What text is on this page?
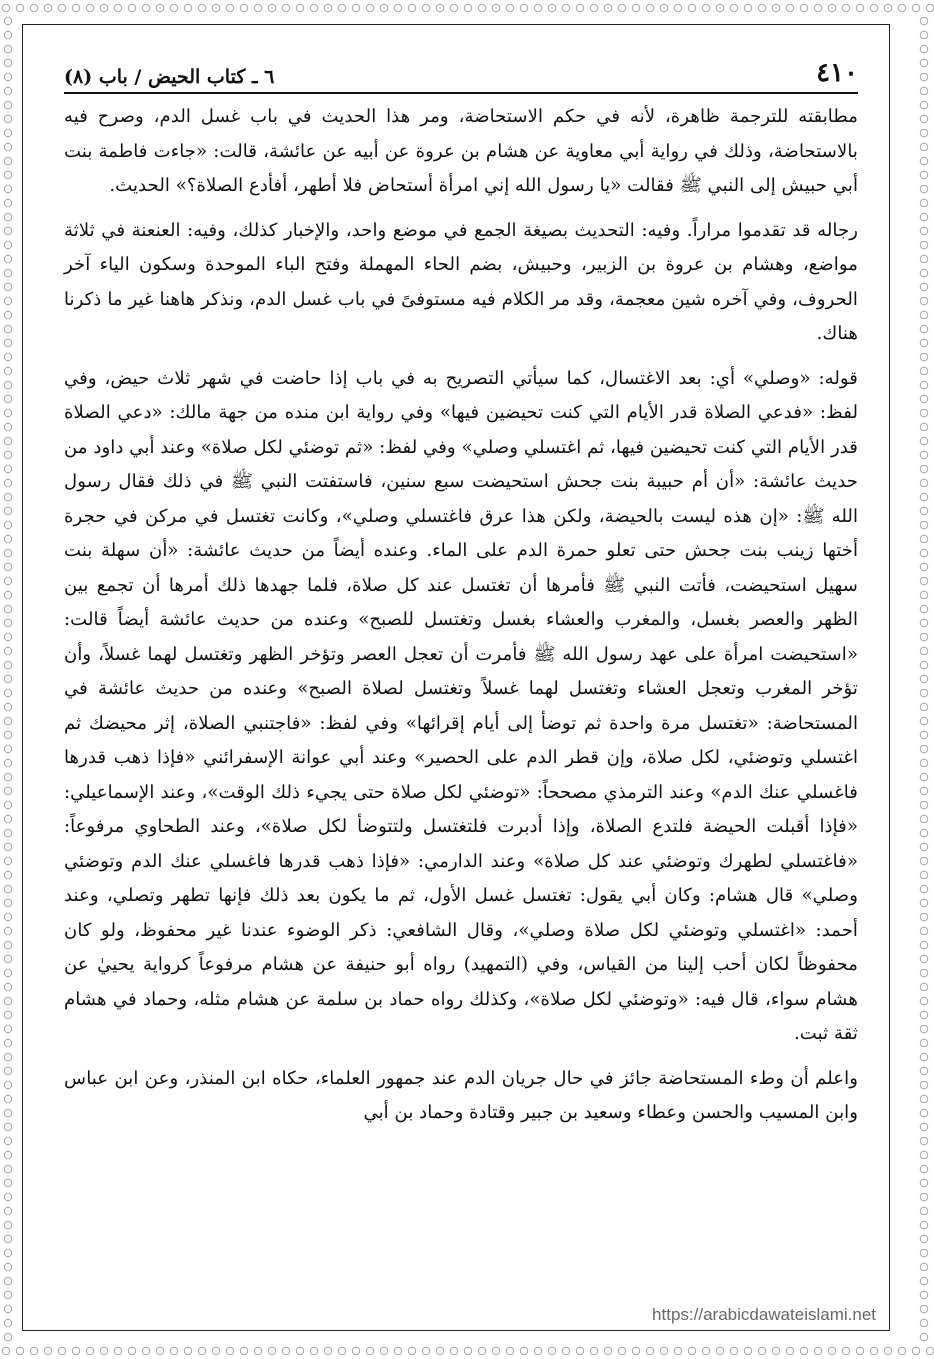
٤١٠
٦ ـ كتاب الحيض / باب (٨)

مطابقته للترجمة ظاهرة، لأنه في حكم الاستحاضة، ومر هذا الحديث في باب غسل الدم، وصرح فيه بالاستحاضة، وذلك في رواية أبي معاوية عن هشام بن عروة عن أبيه عن عائشة، قالت: «جاءت فاطمة بنت أبي حبيش إلى النبي ﷺ فقالت «يا رسول الله إني امرأة أستحاض فلا أطهر، أفأدع الصلاة؟» الحديث.

رجاله قد تقدموا مراراً. وفيه: التحديث بصيغة الجمع في موضع واحد، والإخبار كذلك، وفيه: العنعنة في ثلاثة مواضع، وهشام بن عروة بن الزبير، وحبيش، بضم الحاء المهملة وفتح الباء الموحدة وسكون الياء آخر الحروف، وفي آخره شين معجمة، وقد مر الكلام فيه مستوفىً في باب غسل الدم، ونذكر هاهنا غير ما ذكرنا هناك.

قوله: «وصلي» أي: بعد الاغتسال، كما سيأتي التصريح به في باب إذا حاضت في شهر ثلاث حيض، وفي لفظ: «فدعي الصلاة قدر الأيام التي كنت تحيضين فيها» وفي رواية ابن منده من جهة مالك: «دعي الصلاة قدر الأيام التي كنت تحيضين فيها، ثم اغتسلي وصلي» وفي لفظ: «ثم توضئي لكل صلاة» وعند أبي داود من حديث عائشة: «أن أم حبيبة بنت جحش استحيضت سبع سنين، فاستفتت النبي ﷺ في ذلك فقال رسول الله ﷺ: «إن هذه ليست بالحيضة، ولكن هذا عرق فاغتسلي وصلي»، وكانت تغتسل في مركن في حجرة أختها زينب بنت جحش حتى تعلو حمرة الدم على الماء. وعنده أيضاً من حديث عائشة: «أن سهلة بنت سهيل استحيضت، فأتت النبي ﷺ فأمرها أن تغتسل عند كل صلاة، فلما جهدها ذلك أمرها أن تجمع بين الظهر والعصر بغسل، والمغرب والعشاء بغسل وتغتسل للصبح» وعنده من حديث عائشة أيضاً قالت: «استحيضت امرأة على عهد رسول الله ﷺ فأمرت أن تعجل العصر وتؤخر الظهر وتغتسل لهما غسلاً، وأن تؤخر المغرب وتعجل العشاء وتغتسل لهما غسلاً وتغتسل لصلاة الصبح» وعنده من حديث عائشة في المستحاضة: «تغتسل مرة واحدة ثم توضأ إلى أيام إقرائها» وفي لفظ: «فاجتنبي الصلاة، إثر محيضك ثم اغتسلي وتوضئي، لكل صلاة، وإن قطر الدم على الحصير» وعند أبي عوانة الإسفرائني «فإذا ذهب قدرها فاغسلي عنك الدم» وعند الترمذي مصححاً: «توضئي لكل صلاة حتى يجيء ذلك الوقت»، وعند الإسماعيلي: «فإذا أقبلت الحيضة فلتدع الصلاة، وإذا أدبرت فلتغتسل ولتتوضأ لكل صلاة»، وعند الطحاوي مرفوعاً: «فاغتسلي لطهرك وتوضئي عند كل صلاة» وعند الدارمي: «فإذا ذهب قدرها فاغسلي عنك الدم وتوضئي وصلي» قال هشام: وكان أبي يقول: تغتسل غسل الأول، ثم ما يكون بعد ذلك فإنها تطهر وتصلي، وعند أحمد: «اغتسلي وتوضئي لكل صلاة وصلي»، وقال الشافعي: ذكر الوضوء عندنا غير محفوظ، ولو كان محفوظاً لكان أحب إلينا من القياس، وفي (التمهيد) رواه أبو حنيفة عن هشام مرفوعاً كرواية يحييٰ عن هشام سواء، قال فيه: «وتوضئي لكل صلاة»، وكذلك رواه حماد بن سلمة عن هشام مثله، وحماد في هشام ثقة ثبت.

واعلم أن وطء المستحاضة جائز في حال جريان الدم عند جمهور العلماء، حكاه ابن المنذر، وعن ابن عباس وابن المسيب والحسن وعطاء وسعيد بن جبير وقتادة وحماد بن أبي

https://arabicdawateislami.net
